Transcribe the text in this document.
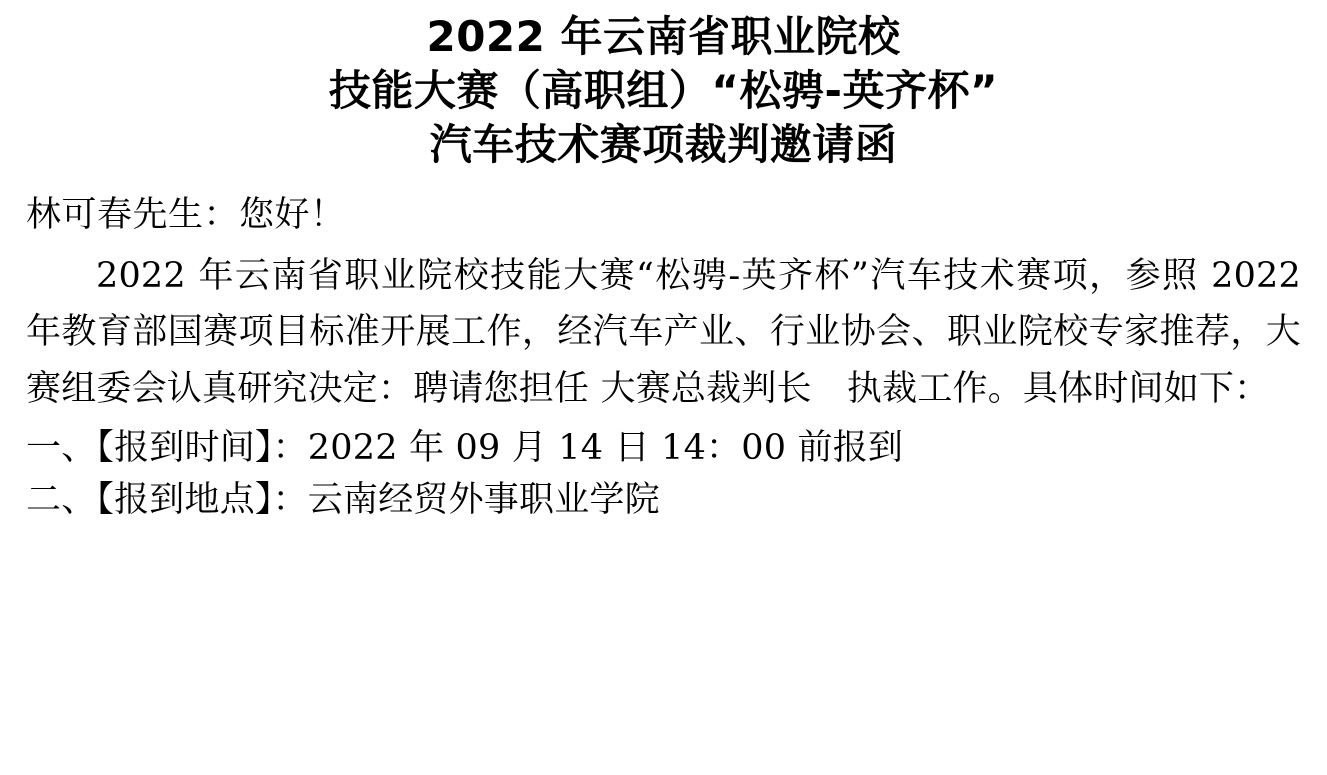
2022 年云南省职业院校
技能大赛（高职组）“松骋-英齐杯”
汽车技术赛项裁判邀请函
林可春先生：您好！

2022 年云南省职业院校技能大赛“松骋-英齐杯”汽车技术赛项，参照 2022 年教育部国赛项目标准开展工作，经汽车产业、行业协会、职业院校专家推荐，大赛组委会认真研究决定：聘请您担任 大赛总裁判长　执裁工作。具体时间如下：

一、【报到时间】：2022 年 09 月 14 日 14：00 前报到
二、【报到地点】：云南经贸外事职业学院
